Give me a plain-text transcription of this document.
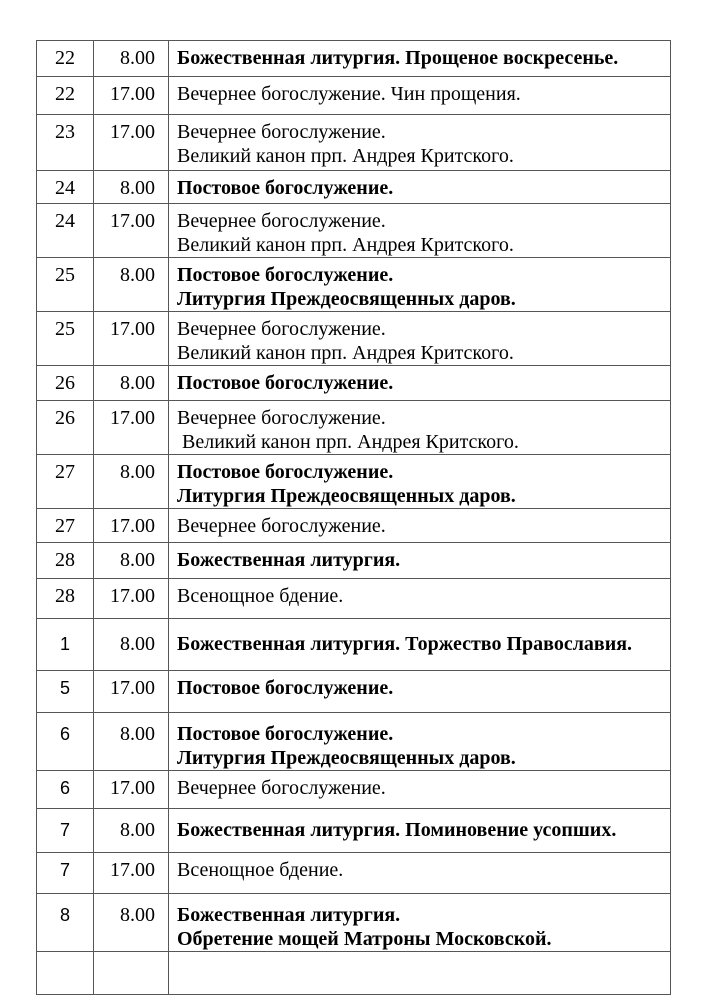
22	8.00	Божественная литургия. Прощеное воскресенье.

22	17.00	Вечернее богослужение. Чин прощения.

23	17.00	Вечернее богослужение.
Великий канон прп. Андрея Критского.

24	8.00	Постовое богослужение.

24	17.00	Вечернее богослужение.
Великий канон прп. Андрея Критского.

25	8.00	Постовое богослужение.
Литургия Преждеосвященных даров.

25	17.00	Вечернее богослужение.
Великий канон прп. Андрея Критского.

26	8.00	Постовое богослужение.

26	17.00	Вечернее богослужение.
Великий канон прп. Андрея Критского.

27	8.00	Постовое богослужение.
Литургия Преждеосвященных даров.

27	17.00	Вечернее богослужение.

28	8.00	Божественная литургия.

28	17.00	Всенощное бдение.

1	8.00	Божественная литургия. Торжество Православия.

5	17.00	Постовое богослужение.

6	8.00	Постовое богослужение.
Литургия Преждеосвященных даров.

6	17.00	Вечернее богослужение.

7	8.00	Божественная литургия. Поминовение усопших.

7	17.00	Всенощное бдение.

8	8.00	Божественная литургия.
Обретение мощей Матроны Московской.
